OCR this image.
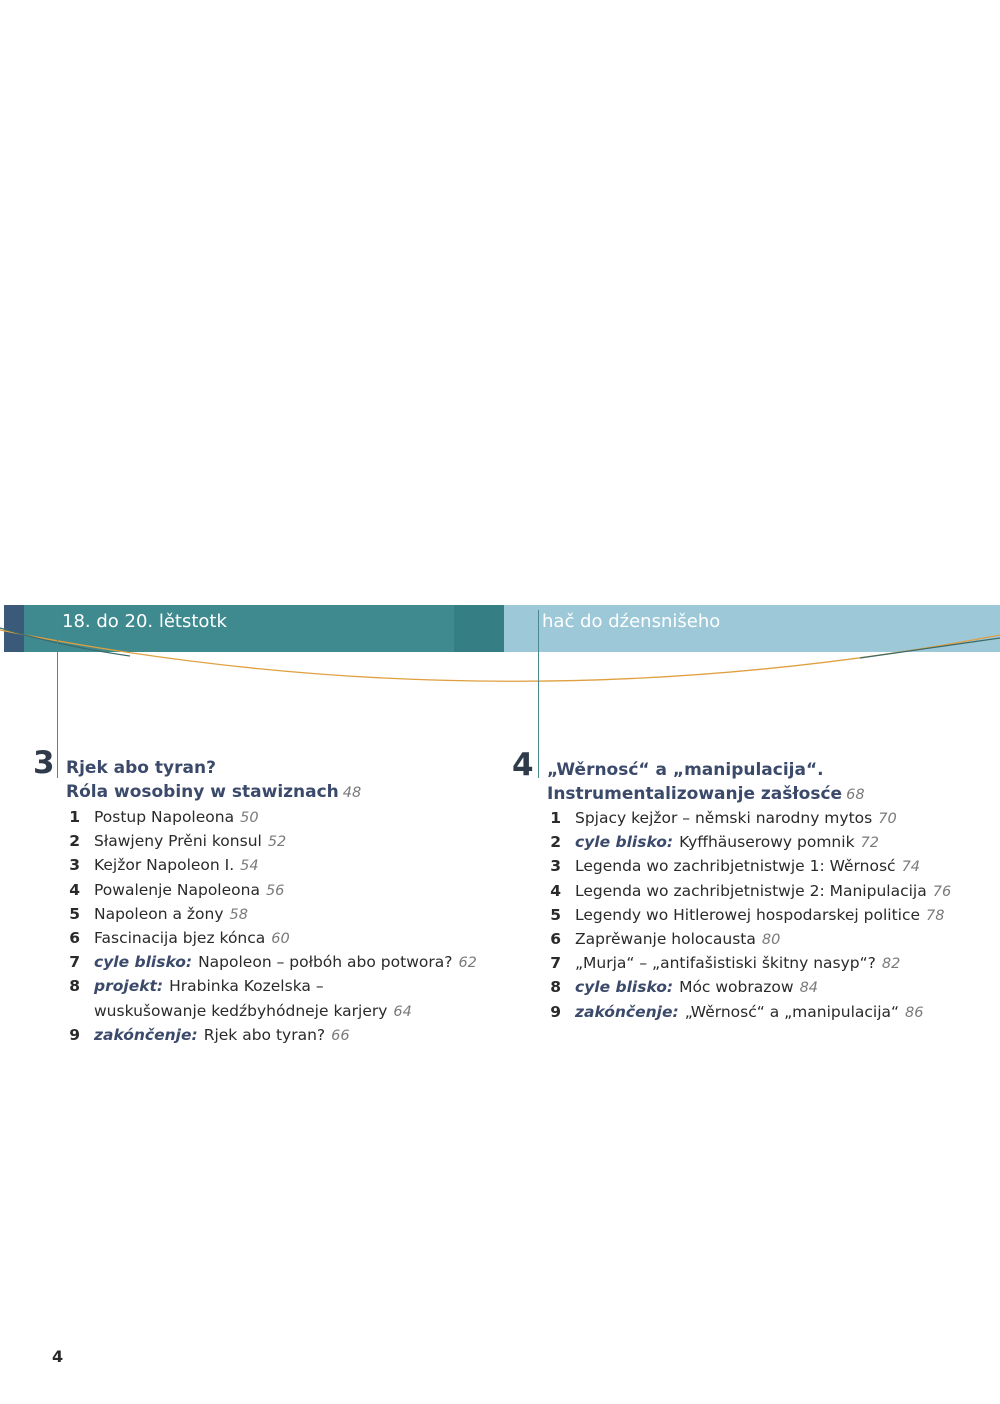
18. do 20. lětstotk	hač do dźensnišeho
3 Rjek abo tyran?
Róla wosobiny w stawiznach 48
1 Postup Napoleona 50
2 Sławjeny Prěni konsul 52
3 Kejžor Napoleon I. 54
4 Powalenje Napoleona 56
5 Napoleon a žony 58
6 Fascinacija bjez kónca 60
7 cyle blisko: Napoleon – połbóh abo potwora? 62
8 projekt: Hrabinka Kozelska –
wuskušowanje kedźbyhódneje karjery 64
9 zakónčenje: Rjek abo tyran? 66
4 „Wěrnosć“ a „manipulacija“.
Instrumentalizowanje zašłosće 68
1 Spjacy kejžor – němski narodny mytos 70
2 cyle blisko: Kyffhäuserowy pomnik 72
3 Legenda wo zachribjetnistwje 1: Wěrnosć 74
4 Legenda wo zachribjetnistwje 2: Manipulacija 76
5 Legendy wo Hitlerowej hospodarskej politice 78
6 Zaprěwanje holocausta 80
7 „Murja“ – „antifašistiski škitny nasyp“? 82
8 cyle blisko: Móc wobrazow 84
9 zakónčenje: „Wěrnosć“ a „manipulacija“ 86
4
